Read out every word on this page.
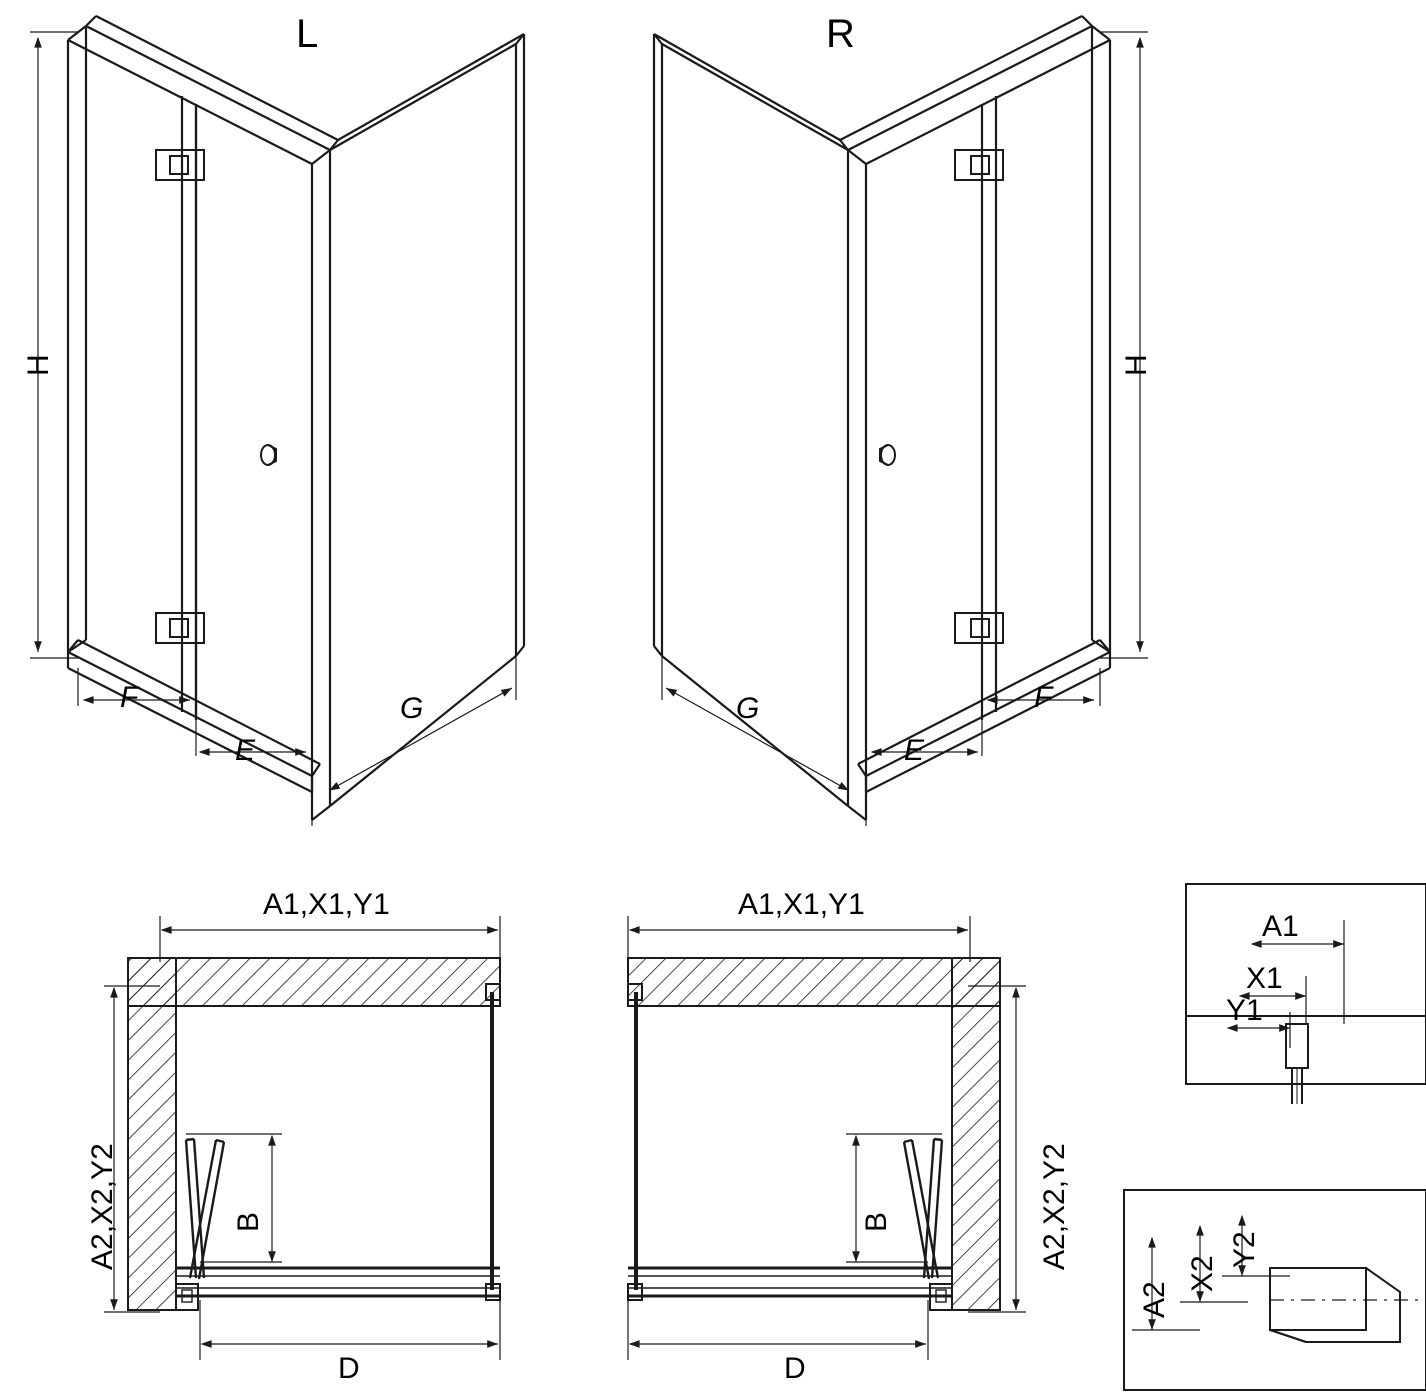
L	R
H	H
F
E
G	G
E
F
A1,X1,Y1
A2,X2,Y2	B
D
A1,X1,Y1
A2,X2,Y2
B
D
A1
X1
Y1
A2
X2
Y2
